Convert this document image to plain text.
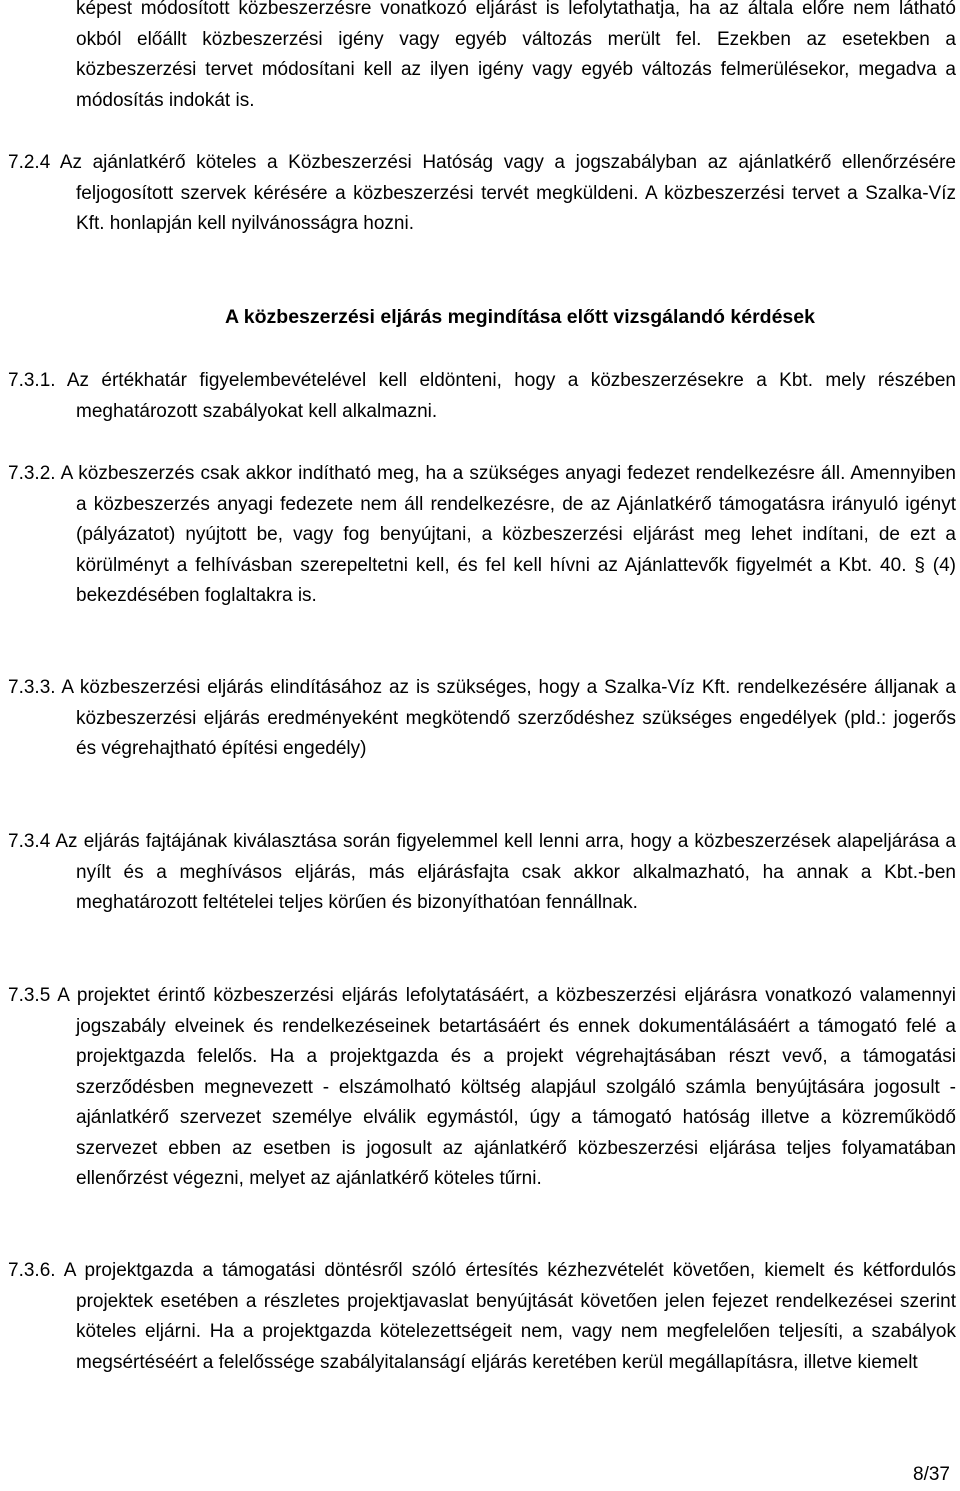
képest módosított közbeszerzésre vonatkozó eljárást is lefolytathatja, ha az általa előre nem látható okból előállt közbeszerzési igény vagy egyéb változás merült fel. Ezekben az esetekben a közbeszerzési tervet módosítani kell az ilyen igény vagy egyéb változás felmerülésekor, megadva a módosítás indokát is.

7.2.4 Az ajánlatkérő köteles a Közbeszerzési Hatóság vagy a jogszabályban az ajánlatkérő ellenőrzésére feljogosított szervek kérésére a közbeszerzési tervét megküldeni. A közbeszerzési tervet a Szalka-Víz Kft. honlapján kell nyilvánosságra hozni.

A közbeszerzési eljárás megindítása előtt vizsgálandó kérdések

7.3.1. Az értékhatár figyelembevételével kell eldönteni, hogy a közbeszerzésekre a Kbt. mely részében meghatározott szabályokat kell alkalmazni.

7.3.2. A közbeszerzés csak akkor indítható meg, ha a szükséges anyagi fedezet rendelkezésre áll. Amennyiben a közbeszerzés anyagi fedezete nem áll rendelkezésre, de az Ajánlatkérő támogatásra irányuló igényt (pályázatot) nyújtott be, vagy fog benyújtani, a közbeszerzési eljárást meg lehet indítani, de ezt a körülményt a felhívásban szerepeltetni kell, és fel kell hívni az Ajánlattevők figyelmét a Kbt. 40. § (4) bekezdésében foglaltakra is.

7.3.3. A közbeszerzési eljárás elindításához az is szükséges, hogy a Szalka-Víz Kft. rendelkezésére álljanak a közbeszerzési eljárás eredményeként megkötendő szerződéshez szükséges engedélyek (pld.: jogerős és végrehajtható építési engedély)

7.3.4 Az eljárás fajtájának kiválasztása során figyelemmel kell lenni arra, hogy a közbeszerzések alapeljárása a nyílt és a meghívásos eljárás, más eljárásfajta csak akkor alkalmazható, ha annak a Kbt.-ben meghatározott feltételei teljes körűen és bizonyíthatóan fennállnak.

7.3.5 A projektet érintő közbeszerzési eljárás lefolytatásáért, a közbeszerzési eljárásra vonatkozó valamennyi jogszabály elveinek és rendelkezéseinek betartásáért és ennek dokumentálásáért a támogató felé a projektgazda felelős. Ha a projektgazda és a projekt végrehajtásában részt vevő, a támogatási szerződésben megnevezett - elszámolható költség alapjául szolgáló számla benyújtására jogosult - ajánlatkérő szervezet személye elválik egymástól, úgy a támogató hatóság illetve a közreműködő szervezet ebben az esetben is jogosult az ajánlatkérő közbeszerzési eljárása teljes folyamatában ellenőrzést végezni, melyet az ajánlatkérő köteles tűrni.

7.3.6. A projektgazda a támogatási döntésről szóló értesítés kézhezvételét követően, kiemelt és kétfordulós projektek esetében a részletes projektjavaslat benyújtását követően jelen fejezet rendelkezései szerint köteles eljárni. Ha a projektgazda kötelezettségeit nem, vagy nem megfelelően teljesíti, a szabályok megsértéséért a felelőssége szabályitalanságí eljárás keretében kerül megállapításra, illetve kiemelt

8/37
